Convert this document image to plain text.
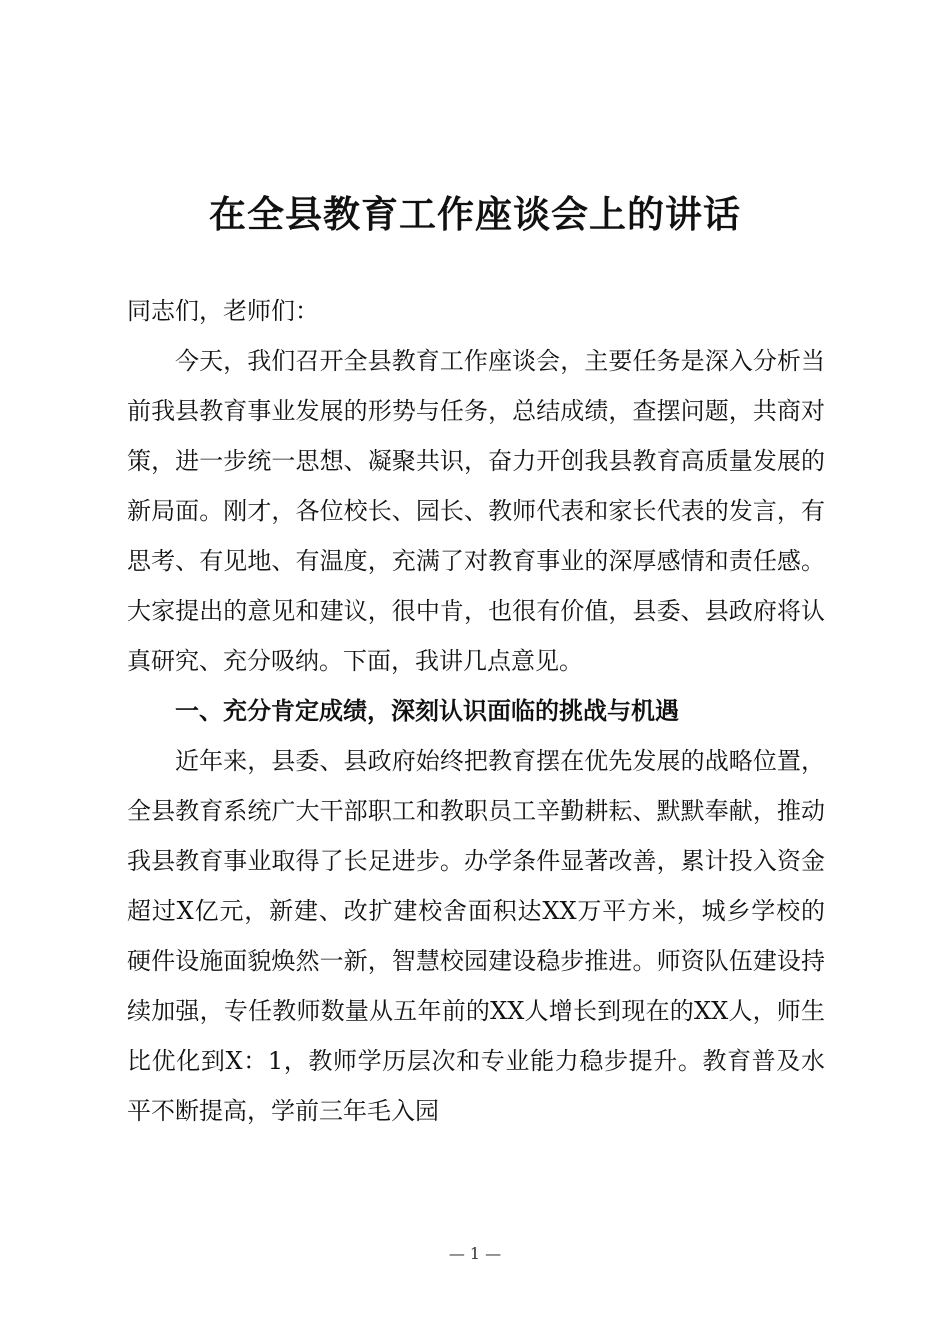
在全县教育工作座谈会上的讲话

同志们，老师们：

今天，我们召开全县教育工作座谈会，主要任务是深入分析当前我县教育事业发展的形势与任务，总结成绩，查摆问题，共商对策，进一步统一思想、凝聚共识，奋力开创我县教育高质量发展的新局面。刚才，各位校长、园长、教师代表和家长代表的发言，有思考、有见地、有温度，充满了对教育事业的深厚感情和责任感。大家提出的意见和建议，很中肯，也很有价值，县委、县政府将认真研究、充分吸纳。下面，我讲几点意见。

一、充分肯定成绩，深刻认识面临的挑战与机遇

近年来，县委、县政府始终把教育摆在优先发展的战略位置，全县教育系统广大干部职工和教职员工辛勤耕耘、默默奉献，推动我县教育事业取得了长足进步。办学条件显著改善，累计投入资金超过X亿元，新建、改扩建校舍面积达XX万平方米，城乡学校的硬件设施面貌焕然一新，智慧校园建设稳步推进。师资队伍建设持续加强，专任教师数量从五年前的XX人增长到现在的XX人，师生比优化到X：1，教师学历层次和专业能力稳步提升。教育普及水平不断提高，学前三年毛入园

— 1 —
